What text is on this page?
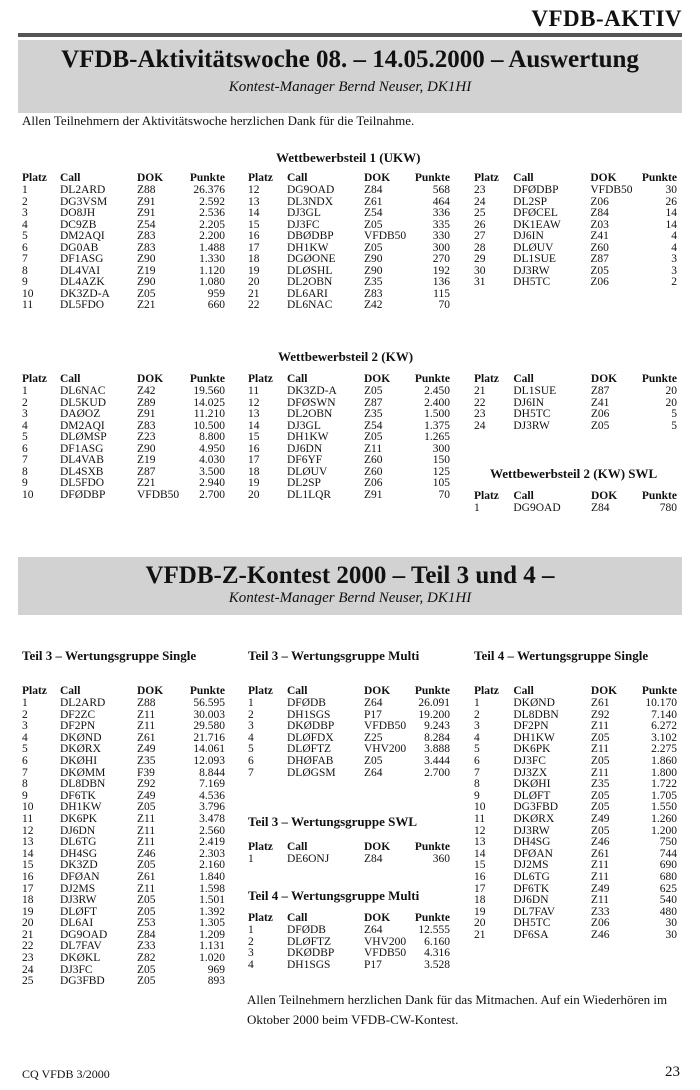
VFDB-AKTIV
VFDB-Aktivitätswoche 08. – 14.05.2000 – Auswertung
Kontest-Manager Bernd Neuser, DK1HI
Allen Teilnehmern der Aktivitätswoche herzlichen Dank für die Teilnahme.
Wettbewerbsteil 1 (UKW)
Platz	Call	DOK	Punkte
1	DL2ARD	Z88	26.376
2	DG3VSM	Z91	2.592
3	DO8JH	Z91	2.536
4	DC9ZB	Z54	2.205
5	DM2AQI	Z83	2.200
6	DG0AB	Z83	1.488
7	DF1ASG	Z90	1.330
8	DL4VAI	Z19	1.120
9	DL4AZK	Z90	1.080
10	DK3ZD-A	Z05	959
11	DL5FDO	Z21	660
Platz	Call	DOK	Punkte
12	DG9OAD	Z84	568
13	DL3NDX	Z61	464
14	DJ3GL	Z54	336
15	DJ3FC	Z05	335
16	DBØDBP	VFDB50	330
17	DH1KW	Z05	300
18	DGØONE	Z90	270
19	DLØSHL	Z90	192
20	DL2OBN	Z35	136
21	DL6ARI	Z83	115
22	DL6NAC	Z42	70
Platz	Call	DOK	Punkte
23	DFØDBP	VFDB50	30
24	DL2SP	Z06	26
25	DFØCEL	Z84	14
26	DK1EAW	Z03	14
27	DJ6IN	Z41	4
28	DLØUV	Z60	4
29	DL1SUE	Z87	3
30	DJ3RW	Z05	3
31	DH5TC	Z06	2
Wettbewerbsteil 2 (KW)
Platz	Call	DOK	Punkte
1	DL6NAC	Z42	19.560
2	DL5KUD	Z89	14.025
3	DAØOZ	Z91	11.210
4	DM2AQI	Z83	10.500
5	DLØMSP	Z23	8.800
6	DF1ASG	Z90	4.950
7	DL4VAB	Z19	4.030
8	DL4SXB	Z87	3.500
9	DL5FDO	Z21	2.940
10	DFØDBP	VFDB50	2.700
Platz	Call	DOK	Punkte
11	DK3ZD-A	Z05	2.450
12	DFØSWN	Z87	2.400
13	DL2OBN	Z35	1.500
14	DJ3GL	Z54	1.375
15	DH1KW	Z05	1.265
16	DJ6DN	Z11	300
17	DF6YF	Z60	150
18	DLØUV	Z60	125
19	DL2SP	Z06	105
20	DL1LQR	Z91	70
Platz	Call	DOK	Punkte
21	DL1SUE	Z87	20
22	DJ6IN	Z41	20
23	DH5TC	Z06	5
24	DJ3RW	Z05	5
Wettbewerbsteil 2 (KW) SWL
Platz	Call	DOK	Punkte
1	DG9OAD	Z84	780
VFDB-Z-Kontest 2000 – Teil 3 und 4 –
Kontest-Manager Bernd Neuser, DK1HI
Teil 3 – Wertungsgruppe Single
Platz	Call	DOK	Punkte
1	DL2ARD	Z88	56.595
2	DF2ZC	Z11	30.003
3	DF2PN	Z11	29.580
4	DKØND	Z61	21.716
5	DKØRX	Z49	14.061
6	DKØHI	Z35	12.093
7	DKØMM	F39	8.844
8	DL8DBN	Z92	7.169
9	DF6TK	Z49	4.536
10	DH1KW	Z05	3.796
11	DK6PK	Z11	3.478
12	DJ6DN	Z11	2.560
13	DL6TG	Z11	2.419
14	DH4SG	Z46	2.303
15	DK3ZD	Z05	2.160
16	DFØAN	Z61	1.840
17	DJ2MS	Z11	1.598
18	DJ3RW	Z05	1.501
19	DLØFT	Z05	1.392
20	DL6AI	Z53	1.305
21	DG9OAD	Z84	1.209
22	DL7FAV	Z33	1.131
23	DKØKL	Z82	1.020
24	DJ3FC	Z05	969
25	DG3FBD	Z05	893
Teil 3 – Wertungsgruppe Multi
Platz	Call	DOK	Punkte
1	DFØDB	Z64	26.091
2	DH1SGS	P17	19.200
3	DKØDBP	VFDB50	9.243
4	DLØFDX	Z25	8.284
5	DLØFTZ	VHV200	3.888
6	DHØFAB	Z05	3.444
7	DLØGSM	Z64	2.700
Teil 3 – Wertungsgruppe SWL
Platz	Call	DOK	Punkte
1	DE6ONJ	Z84	360
Teil 4 – Wertungsgruppe Multi
Platz	Call	DOK	Punkte
1	DFØDB	Z64	12.555
2	DLØFTZ	VHV200	6.160
3	DKØDBP	VFDB50	4.316
4	DH1SGS	P17	3.528
Teil 4 – Wertungsgruppe Single
Platz	Call	DOK	Punkte
1	DKØND	Z61	10.170
2	DL8DBN	Z92	7.140
3	DF2PN	Z11	6.272
4	DH1KW	Z05	3.102
5	DK6PK	Z11	2.275
6	DJ3FC	Z05	1.860
7	DJ3ZX	Z11	1.800
8	DKØHI	Z35	1.722
9	DLØFT	Z05	1.705
10	DG3FBD	Z05	1.550
11	DKØRX	Z49	1.260
12	DJ3RW	Z05	1.200
13	DH4SG	Z46	750
14	DFØAN	Z61	744
15	DJ2MS	Z11	690
16	DL6TG	Z11	680
17	DF6TK	Z49	625
18	DJ6DN	Z11	540
19	DL7FAV	Z33	480
20	DH5TC	Z06	30
21	DF6SA	Z46	30
Allen Teilnehmern herzlichen Dank für das Mitmachen. Auf ein Wiederhören im Oktober 2000 beim VFDB-CW-Kontest.
CQ VFDB 3/2000	23
